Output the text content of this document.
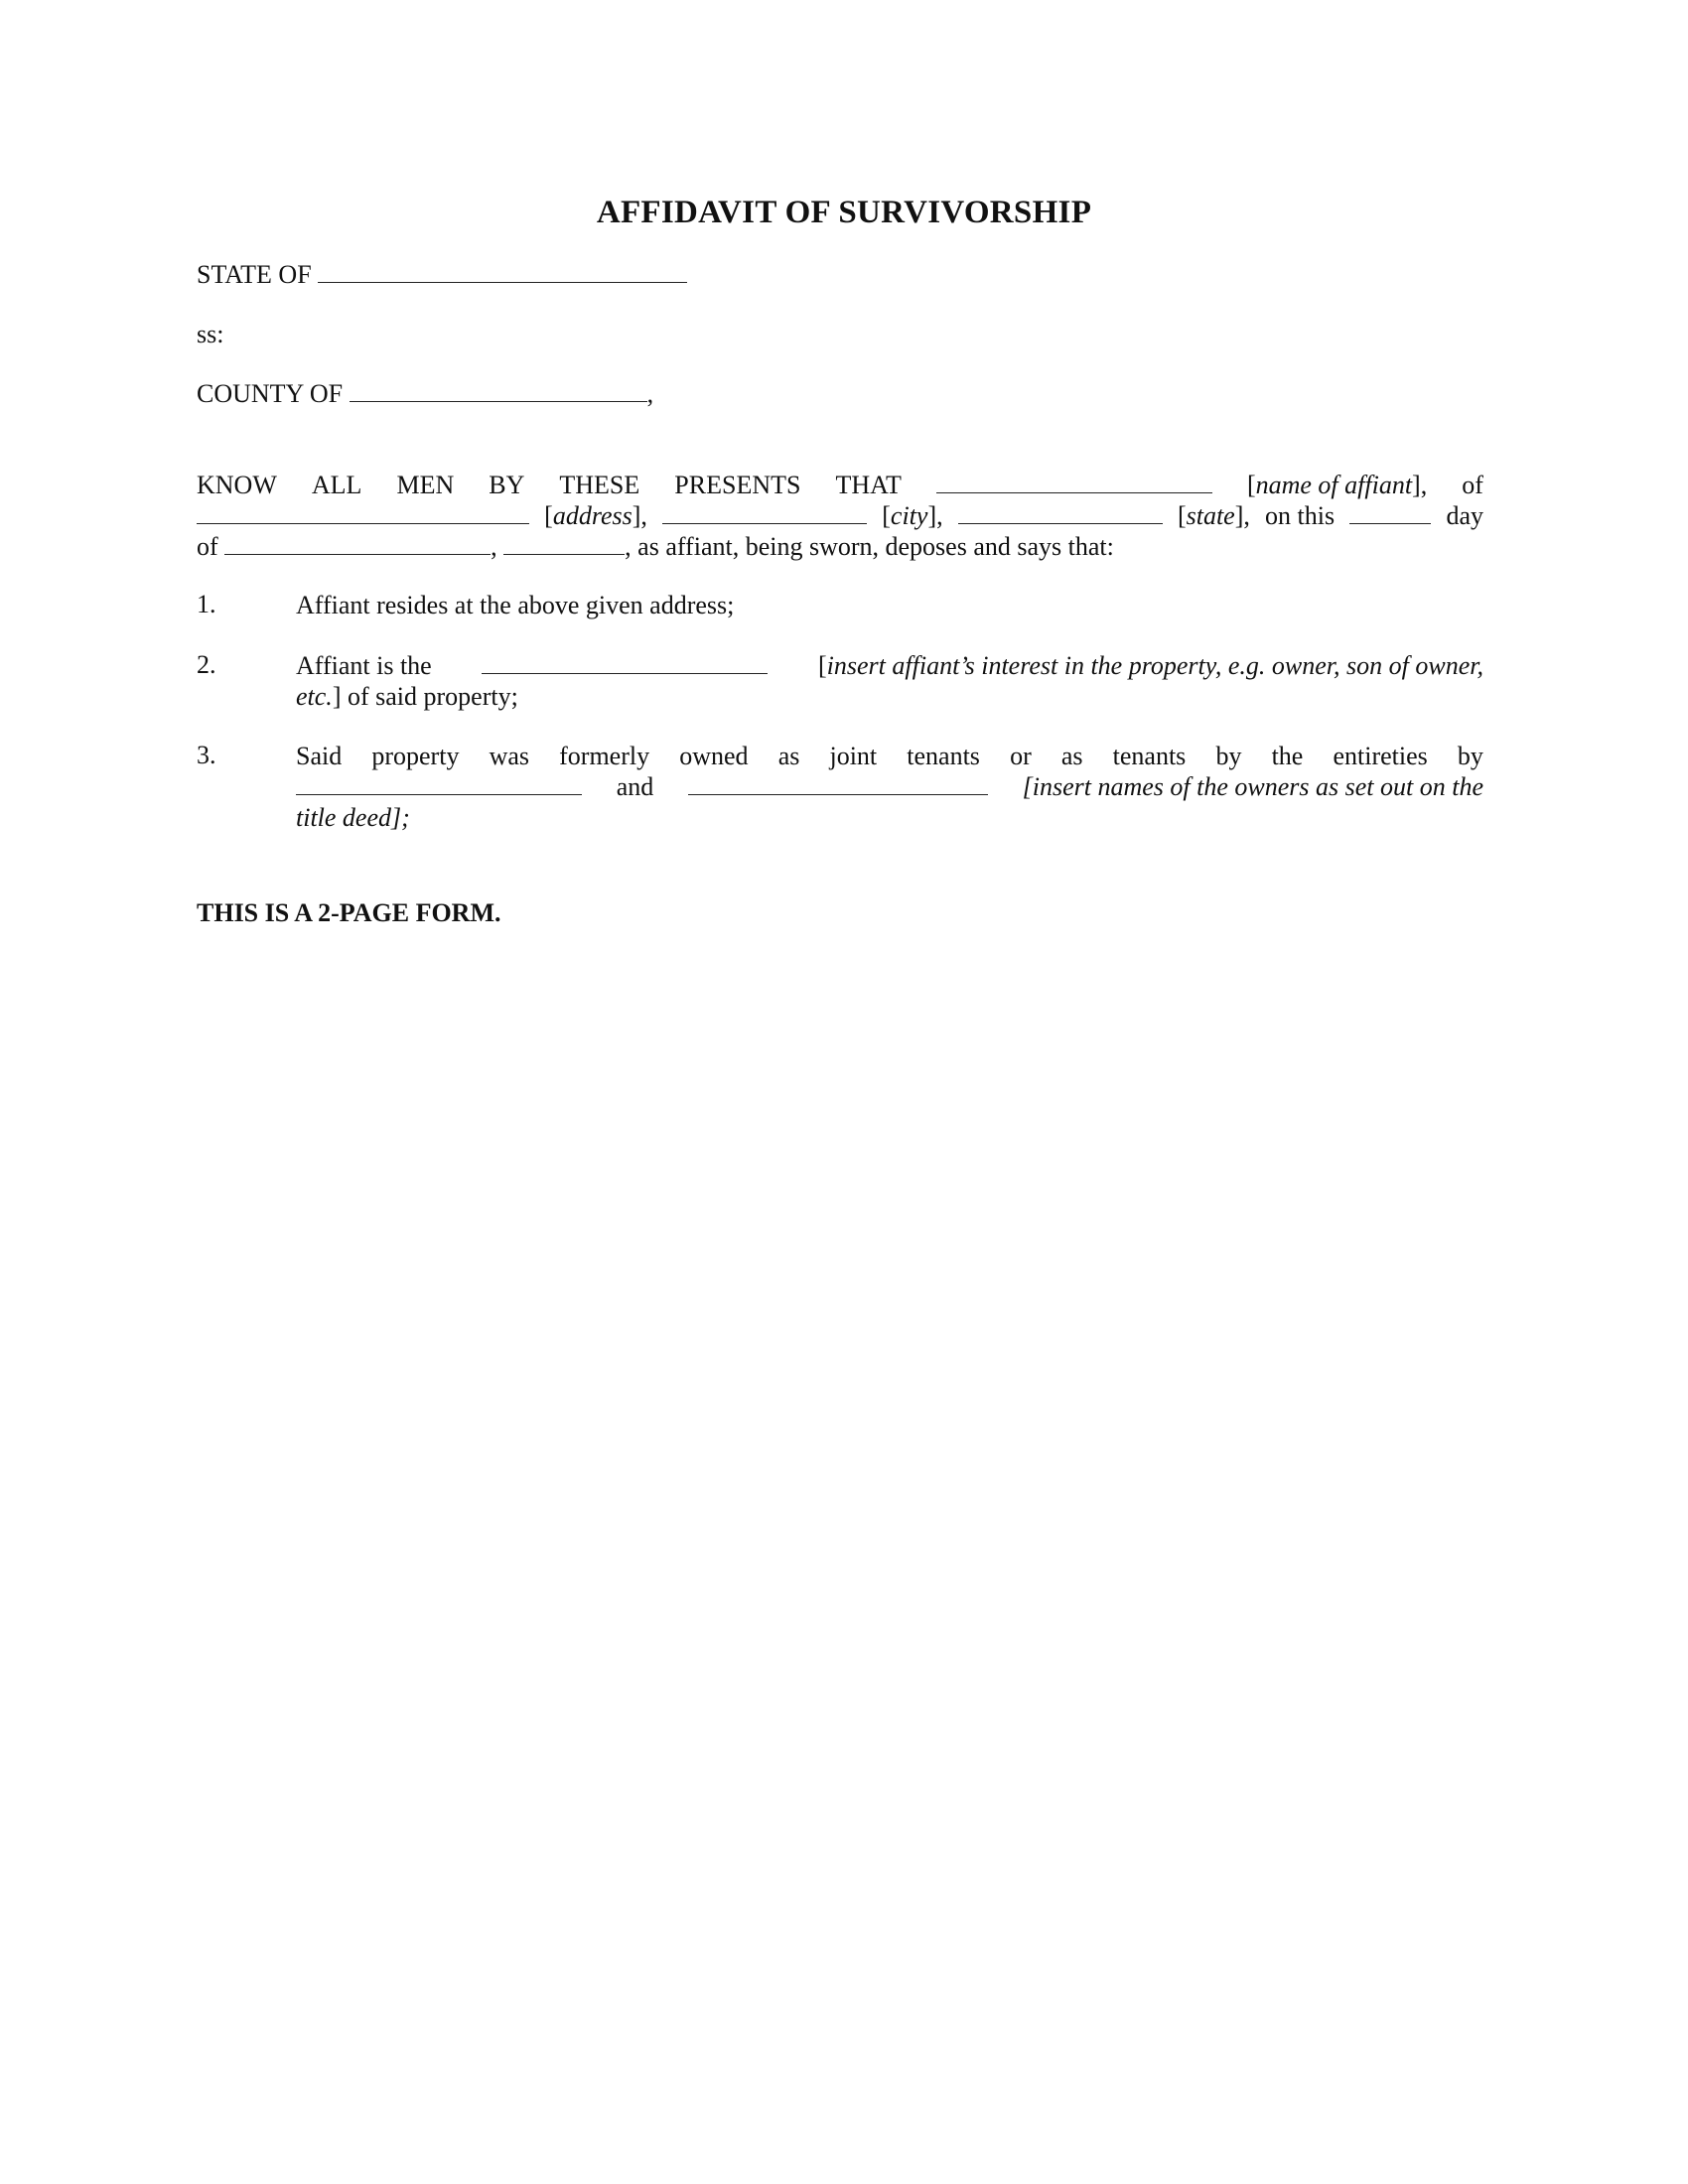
AFFIDAVIT OF SURVIVORSHIP
STATE OF
ss:
COUNTY OF	,
KNOW ALL MEN BY THESE PRESENTS THAT	[name of affiant], of
[address],	[city],	[state], on this	day
of	,	, as affiant, being sworn, deposes and says that:
1.	Affiant resides at the above given address;
2.	Affiant is the	[insert affiant’s interest in the property, e.g. owner, son of owner,
etc.] of said property;
3.	Said property was formerly owned as joint tenants or as tenants by the entireties by
and	[insert names of the owners as set out on the
title deed];
THIS IS A 2-PAGE FORM.
